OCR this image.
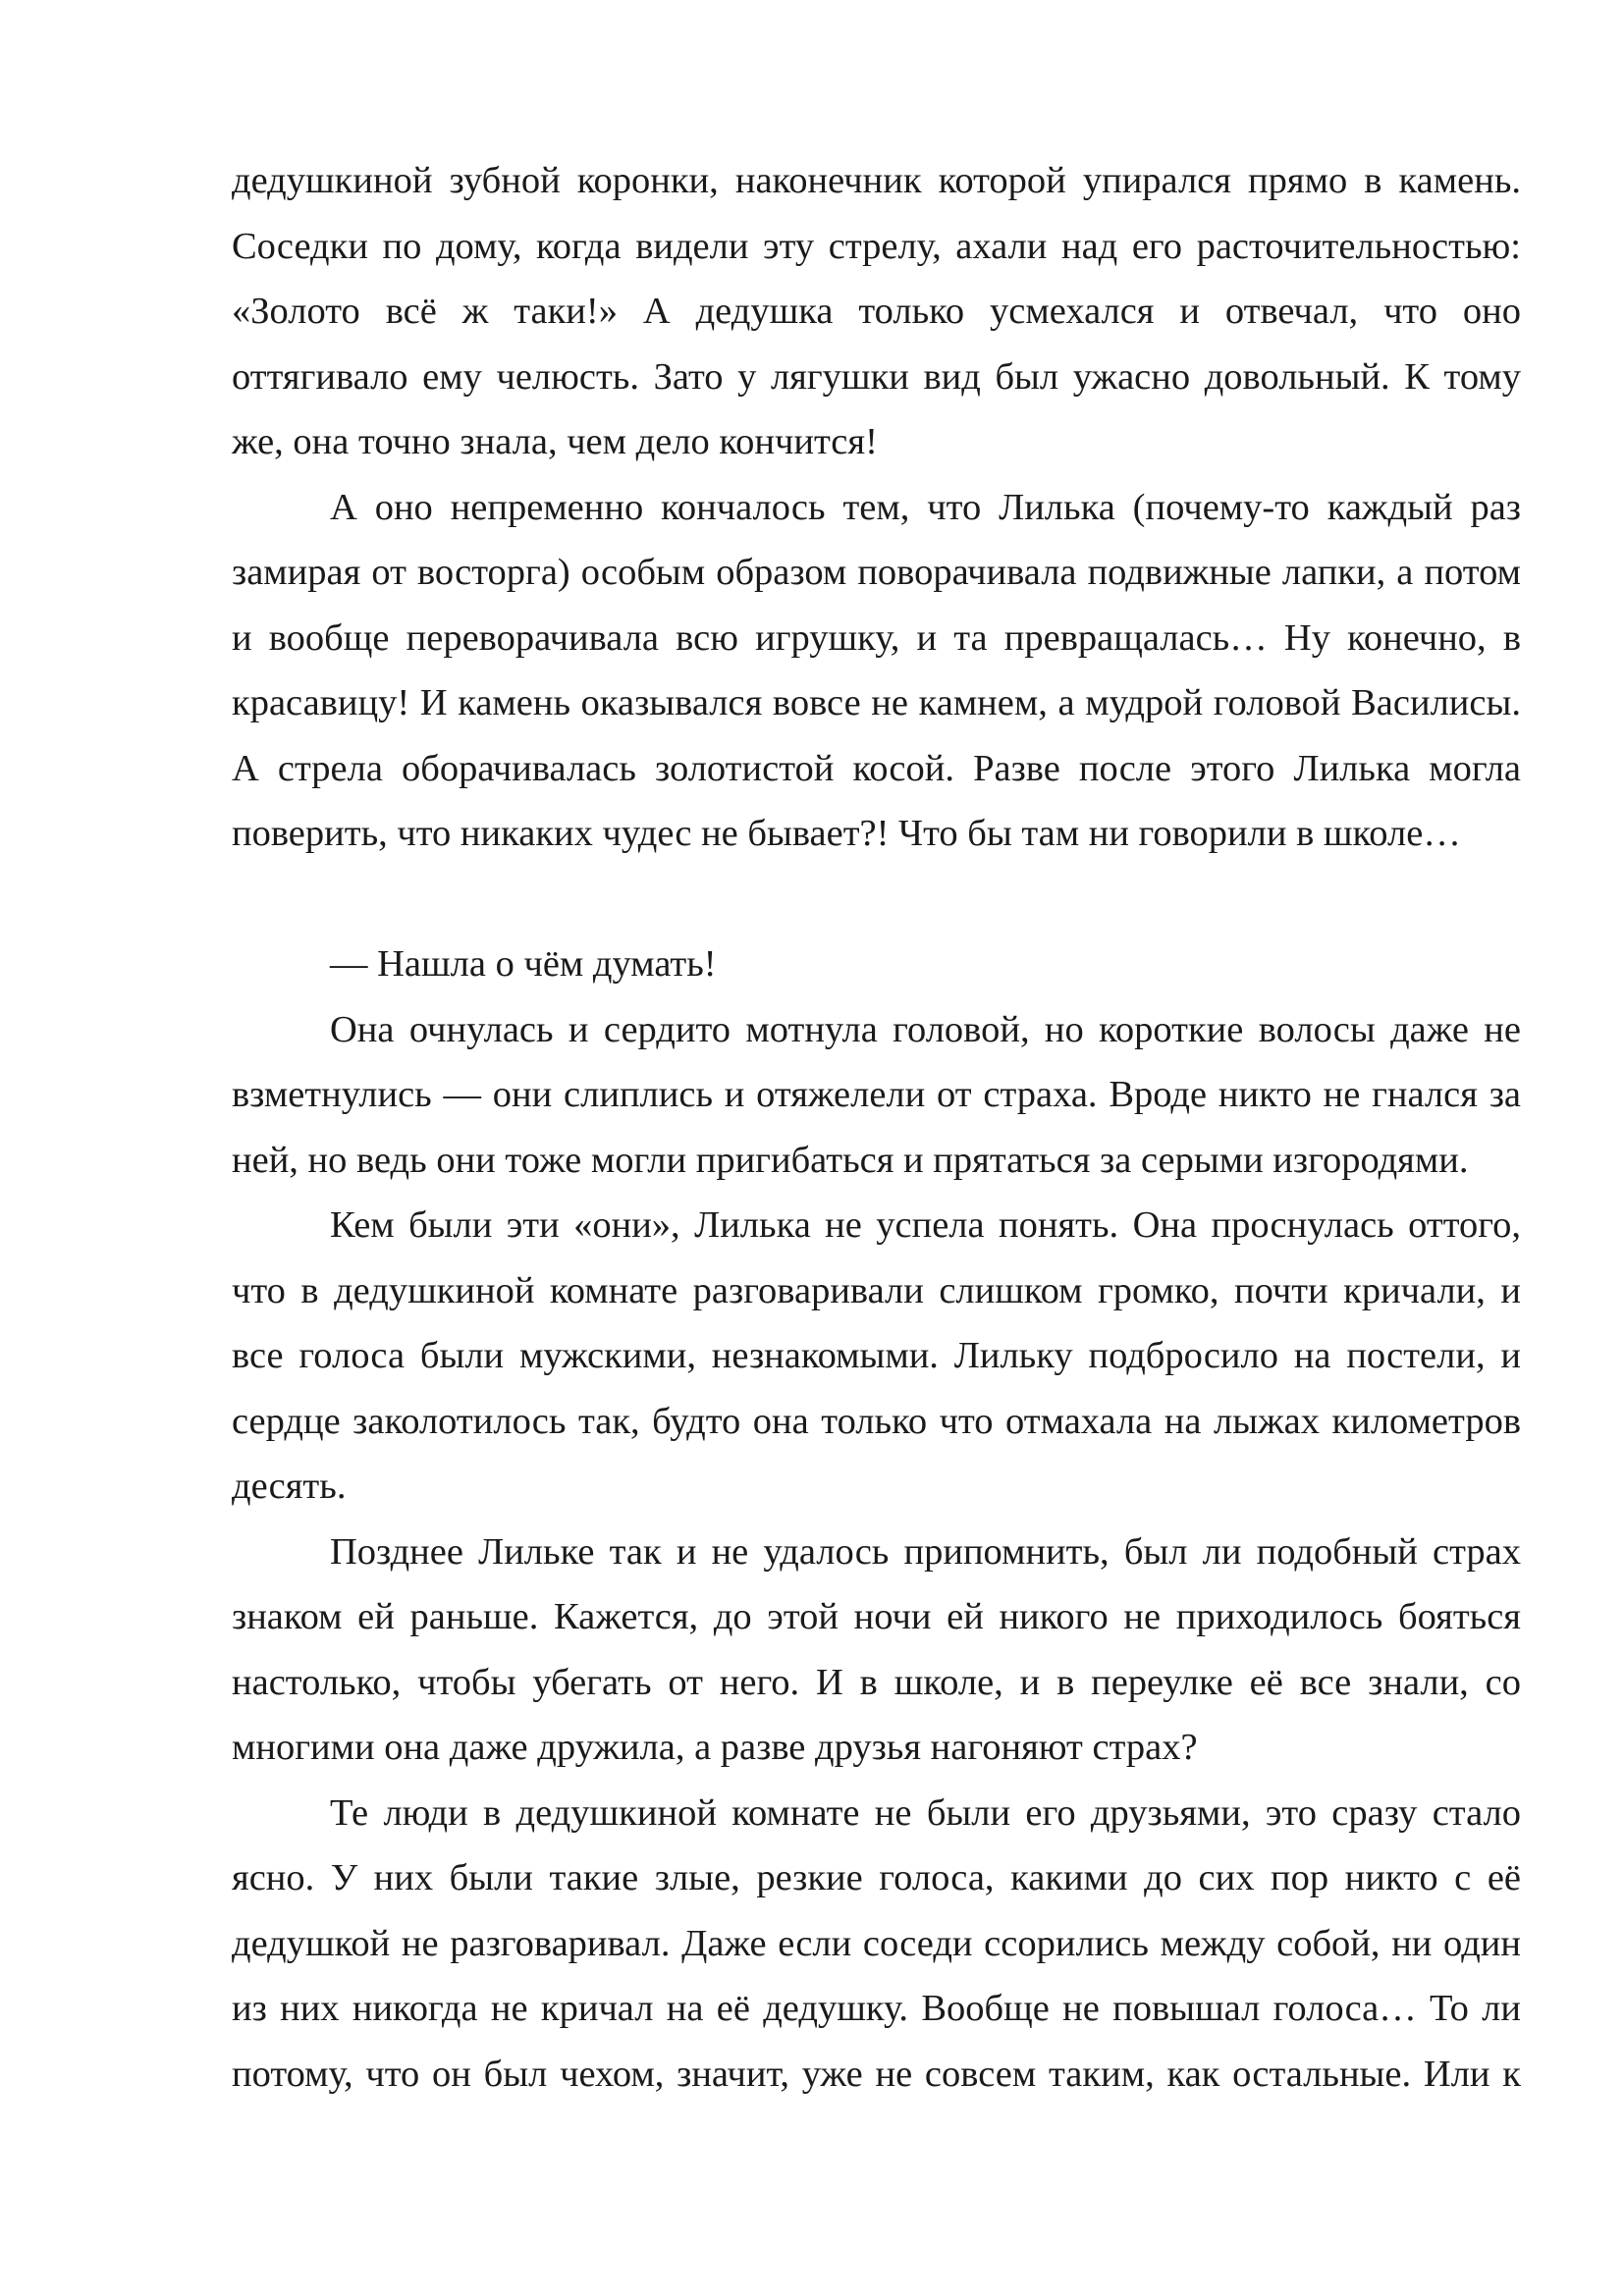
дедушкиной зубной коронки, наконечник которой упирался прямо в камень. Соседки по дому, когда видели эту стрелу, ахали над его расточительностью: «Золото всё ж таки!» А дедушка только усмехался и отвечал, что оно оттягивало ему челюсть. Зато у лягушки вид был ужасно довольный. К тому же, она точно знала, чем дело кончится!

А оно непременно кончалось тем, что Лилька (почему-то каждый раз замирая от восторга) особым образом поворачивала подвижные лапки, а потом и вообще переворачивала всю игрушку, и та превращалась… Ну конечно, в красавицу! И камень оказывался вовсе не камнем, а мудрой головой Василисы. А стрела оборачивалась золотистой косой. Разве после этого Лилька могла поверить, что никаких чудес не бывает?! Что бы там ни говорили в школе…

— Нашла о чём думать!

Она очнулась и сердито мотнула головой, но короткие волосы даже не взметнулись — они слиплись и отяжелели от страха. Вроде никто не гнался за ней, но ведь они тоже могли пригибаться и прятаться за серыми изгородями.

Кем были эти «они», Лилька не успела понять. Она проснулась оттого, что в дедушкиной комнате разговаривали слишком громко, почти кричали, и все голоса были мужскими, незнакомыми. Лильку подбросило на постели, и сердце заколотилось так, будто она только что отмахала на лыжах километров десять.

Позднее Лильке так и не удалось припомнить, был ли подобный страх знаком ей раньше. Кажется, до этой ночи ей никого не приходилось бояться настолько, чтобы убегать от него. И в школе, и в переулке её все знали, со многими она даже дружила, а разве друзья нагоняют страх?

Те люди в дедушкиной комнате не были его друзьями, это сразу стало ясно. У них были такие злые, резкие голоса, какими до сих пор никто с её дедушкой не разговаривал. Даже если соседи ссорились между собой, ни один из них никогда не кричал на её дедушку. Вообще не повышал голоса… То ли потому, что он был чехом, значит, уже не совсем таким, как остальные. Или к
